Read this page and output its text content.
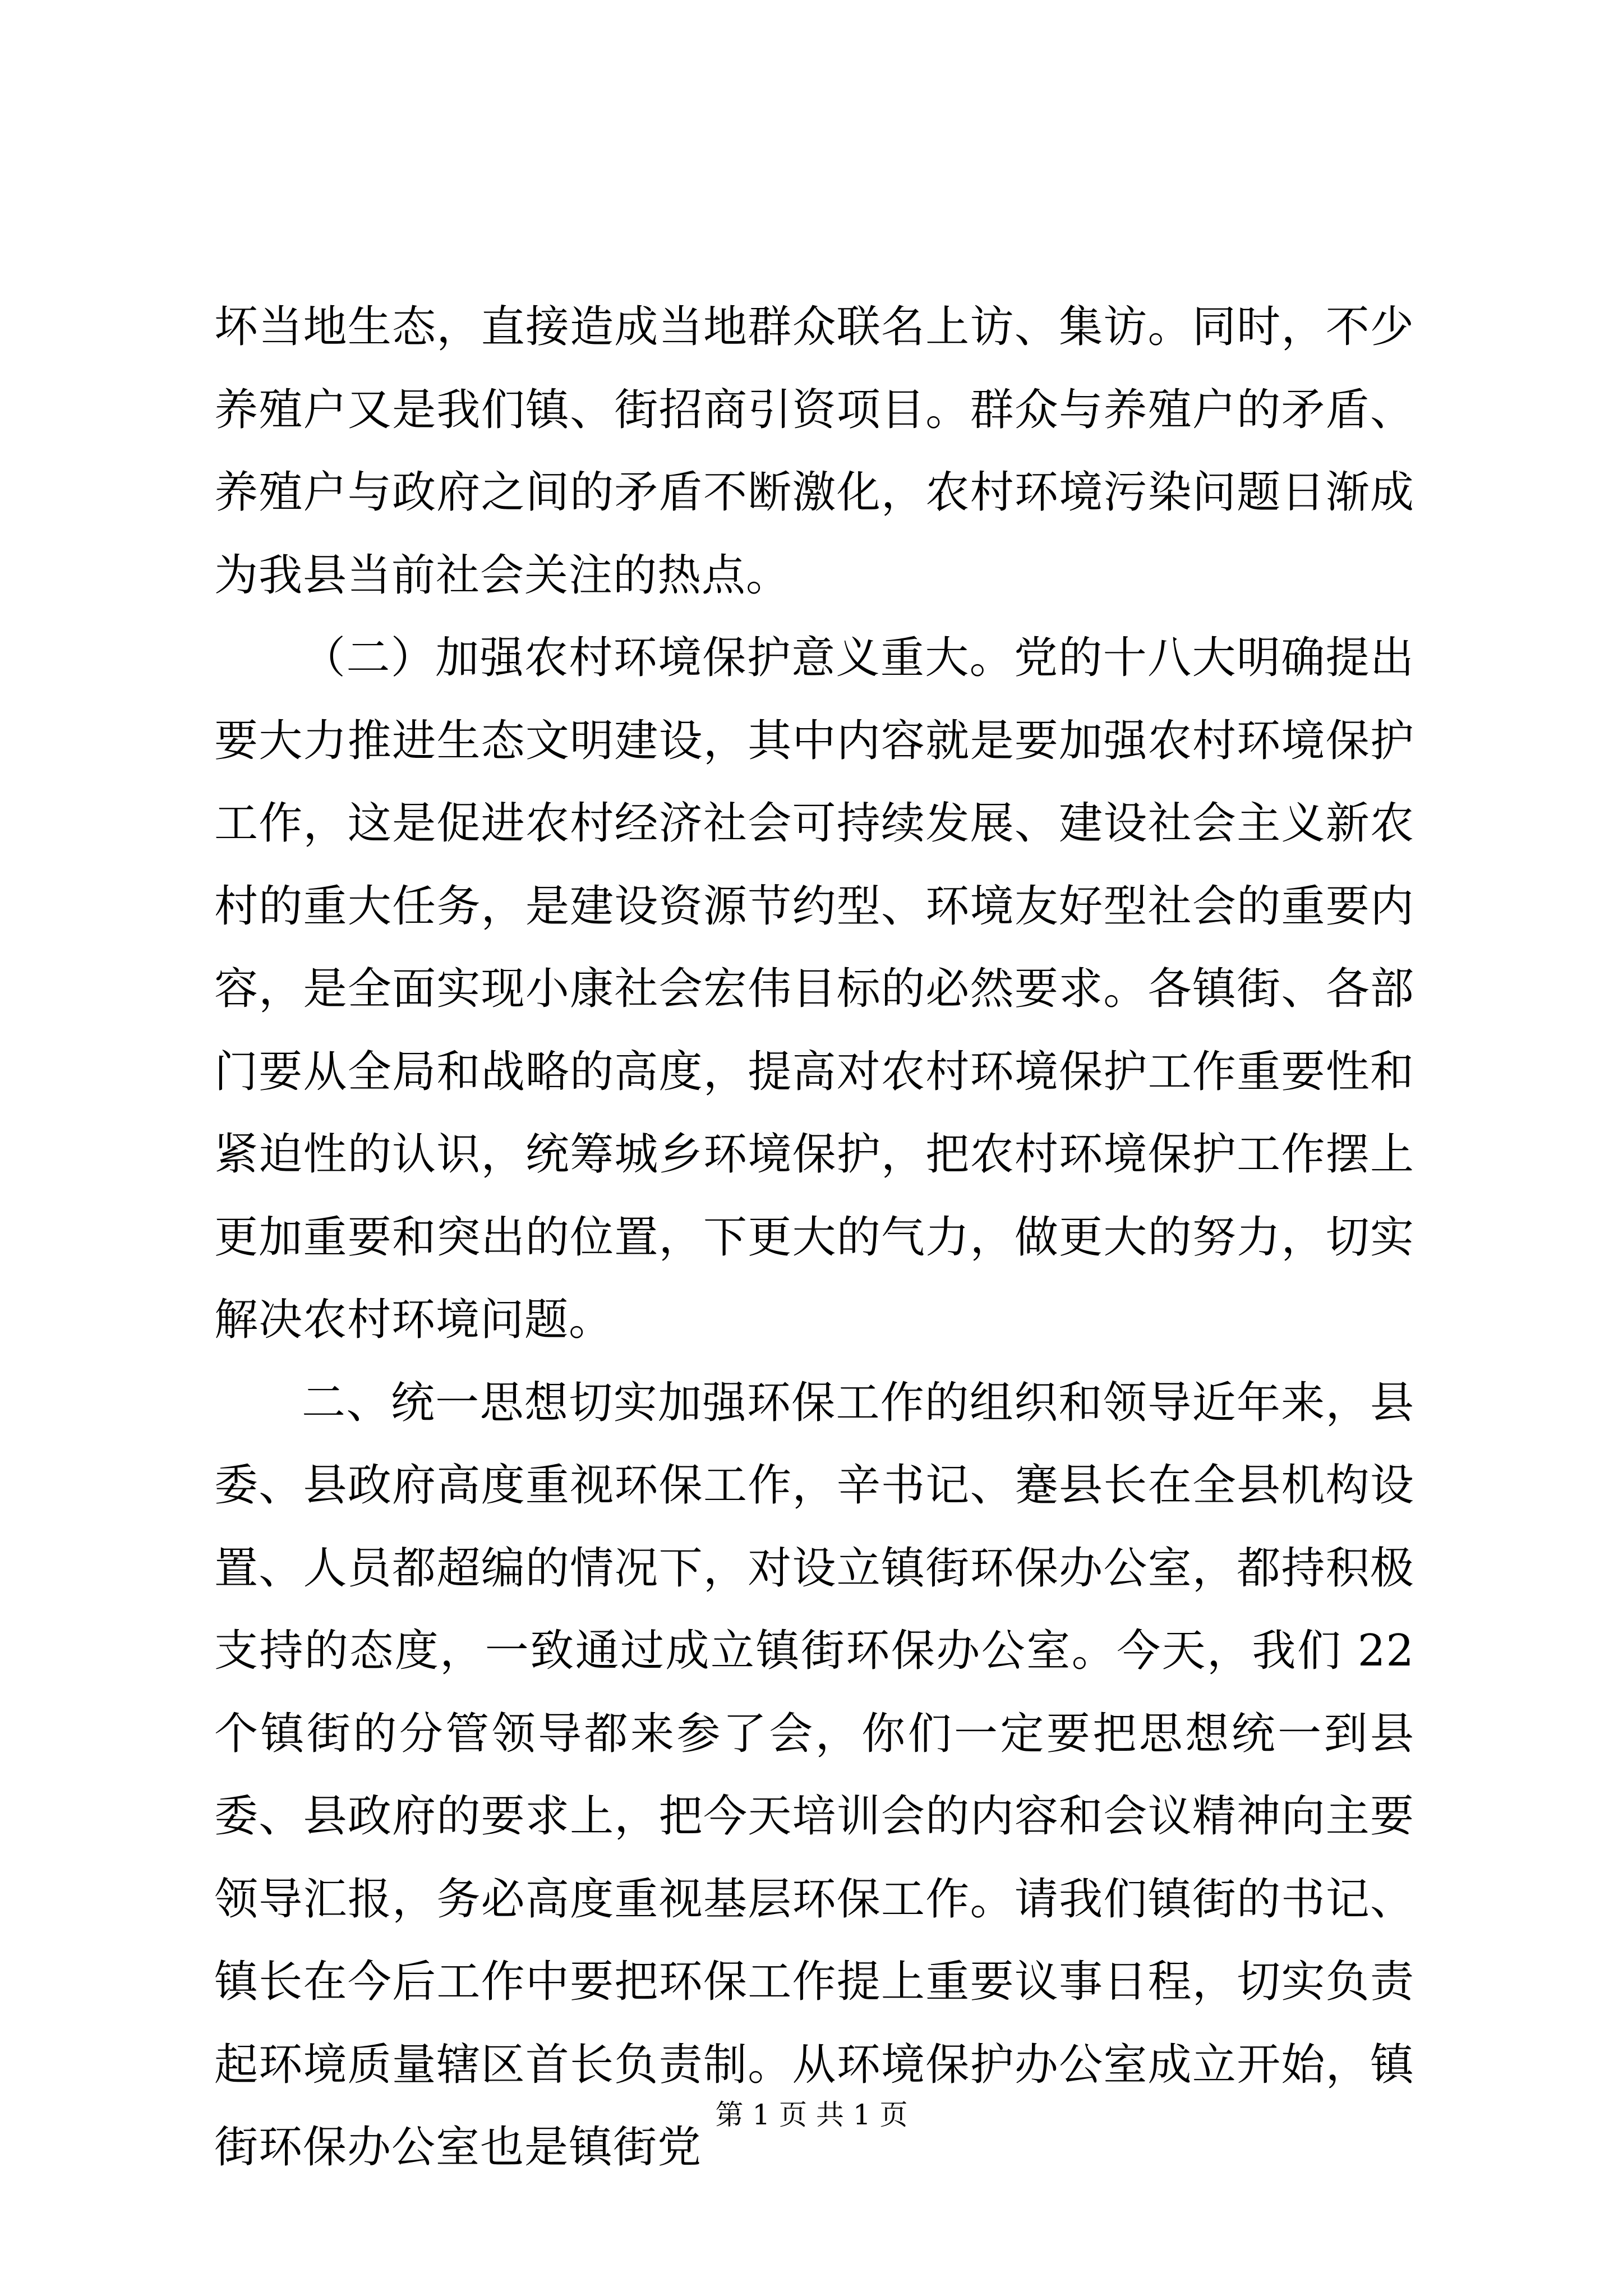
坏当地生态，直接造成当地群众联名上访、集访。同时，不少养殖户又是我们镇、街招商引资项目。群众与养殖户的矛盾、养殖户与政府之间的矛盾不断激化，农村环境污染问题日渐成为我县当前社会关注的热点。

（二）加强农村环境保护意义重大。党的十八大明确提出要大力推进生态文明建设，其中内容就是要加强农村环境保护工作，这是促进农村经济社会可持续发展、建设社会主义新农村的重大任务，是建设资源节约型、环境友好型社会的重要内容，是全面实现小康社会宏伟目标的必然要求。各镇街、各部门要从全局和战略的高度，提高对农村环境保护工作重要性和紧迫性的认识，统筹城乡环境保护，把农村环境保护工作摆上更加重要和突出的位置，下更大的气力，做更大的努力，切实解决农村环境问题。

二、统一思想切实加强环保工作的组织和领导近年来，县委、县政府高度重视环保工作，辛书记、蹇县长在全县机构设置、人员都超编的情况下，对设立镇街环保办公室，都持积极支持的态度，一致通过成立镇街环保办公室。今天，我们 22 个镇街的分管领导都来参了会，你们一定要把思想统一到县委、县政府的要求上，把今天培训会的内容和会议精神向主要领导汇报，务必高度重视基层环保工作。请我们镇街的书记、镇长在今后工作中要把环保工作提上重要议事日程，切实负责起环境质量辖区首长负责制。从环境保护办公室成立开始，镇街环保办公室也是镇街党

第 1 页 共 1 页
